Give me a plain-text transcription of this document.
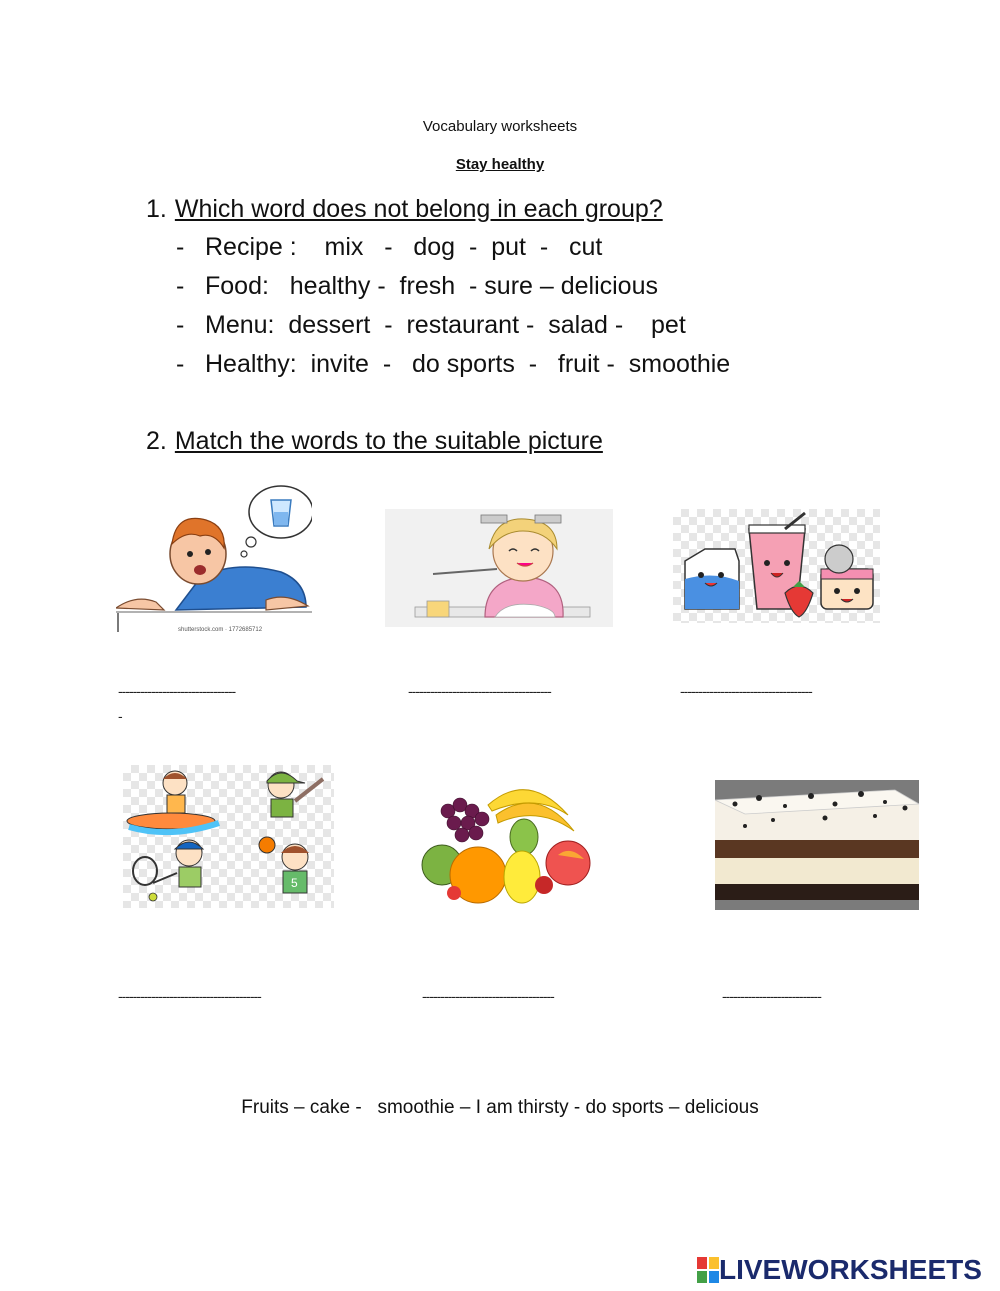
Vocabulary worksheets
Stay healthy
1. Which word does not belong in each group?
- Recipe :    mix   -   dog  -  put  -   cut
- Food:   healthy -  fresh  - sure – delicious
- Menu:  dessert  -  restaurant -  salad -    pet
- Healthy:  invite  -   do sports  -   fruit -  smoothie
2. Match the words to the suitable picture
shutterstock.com · 1772685712
--------------------------------	---------------------------------------	------------------------------------
-
5
---------------------------------------	------------------------------------	---------------------------
Fruits – cake -   smoothie – I am thirsty - do sports – delicious
LIVEWORKSHEETS
